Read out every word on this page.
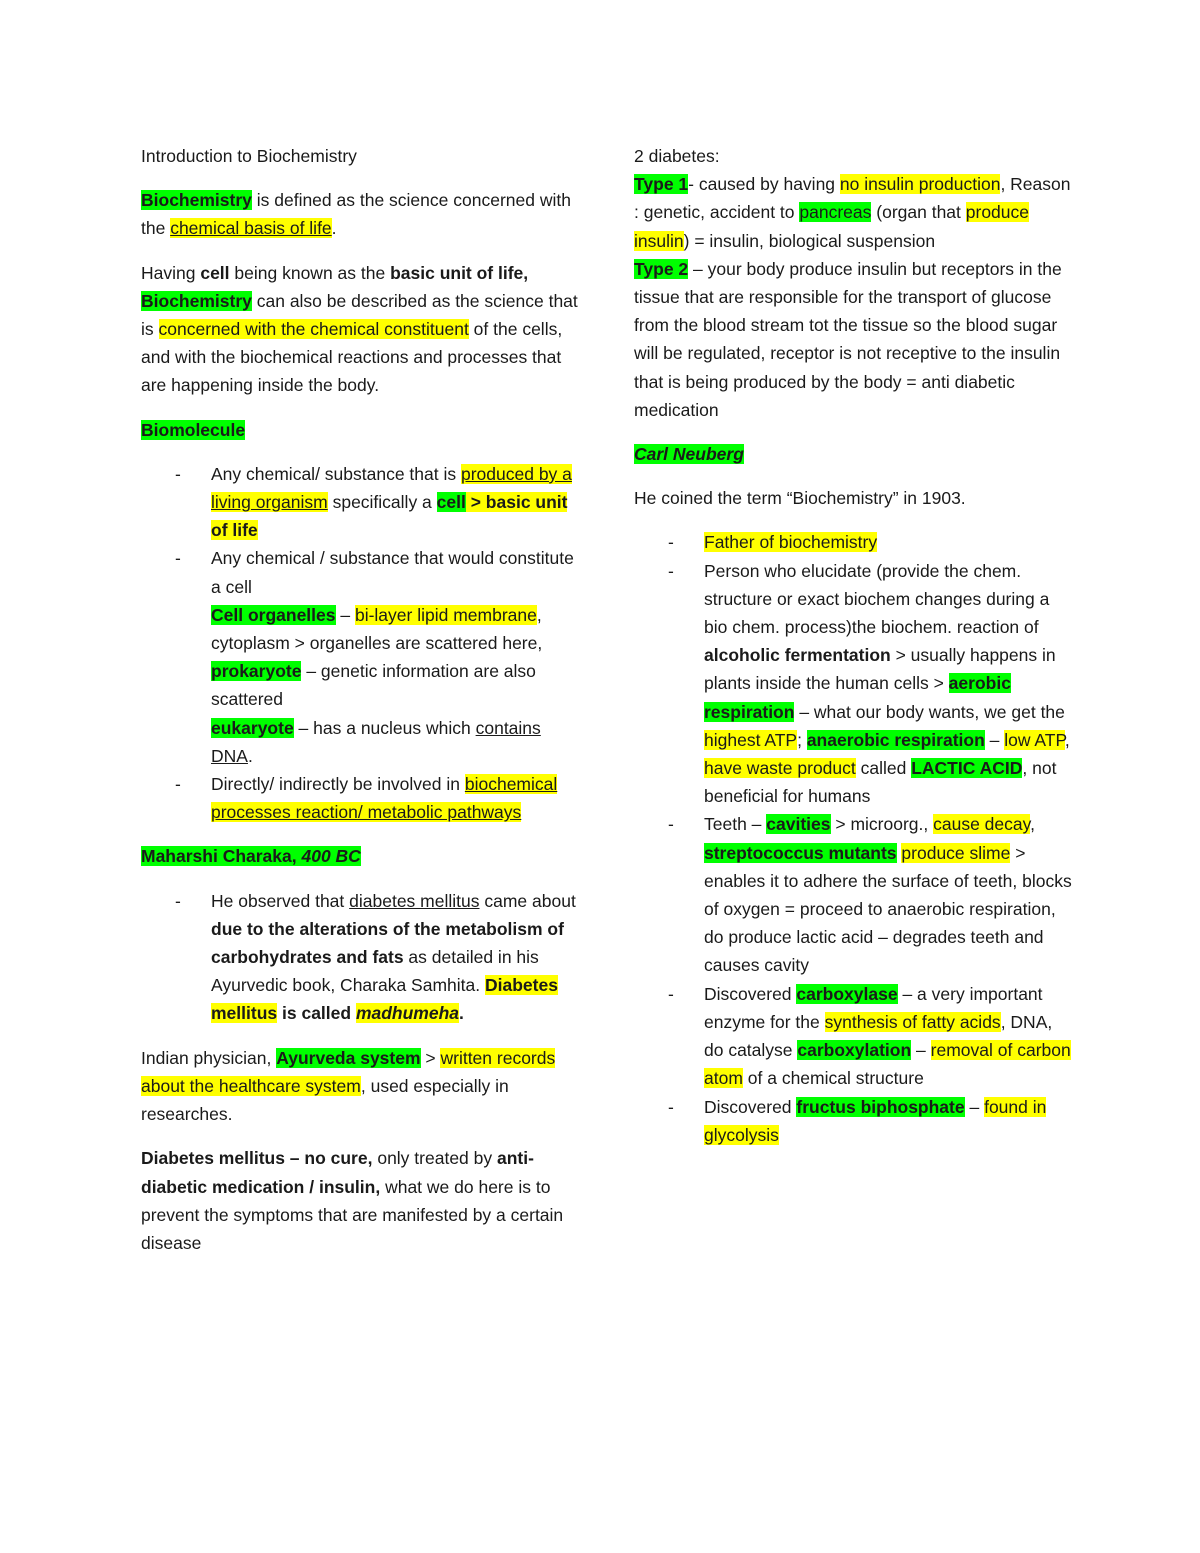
Introduction to Biochemistry

Biochemistry is defined as the science concerned with the chemical basis of life.

Having cell being known as the basic unit of life, Biochemistry can also be described as the science that is concerned with the chemical constituent of the cells, and with the biochemical reactions and processes that are happening inside the body.

Biomolecule

- Any chemical/ substance that is produced by a living organism specifically a cell > basic unit of life
- Any chemical / substance that would constitute a cell
Cell organelles – bi-layer lipid membrane, cytoplasm > organelles are scattered here, prokaryote – genetic information are also scattered
eukaryote – has a nucleus which contains DNA.
- Directly/ indirectly be involved in biochemical processes reaction/ metabolic pathways

Maharshi Charaka, 400 BC

- He observed that diabetes mellitus came about due to the alterations of the metabolism of carbohydrates and fats as detailed in his Ayurvedic book, Charaka Samhita. Diabetes mellitus is called madhumeha.

Indian physician, Ayurveda system > written records about the healthcare system, used especially in researches.

Diabetes mellitus – no cure, only treated by anti-diabetic medication / insulin, what we do here is to prevent the symptoms that are manifested by a certain disease

2 diabetes:

Type 1- caused by having no insulin production, Reason : genetic, accident to pancreas (organ that produce insulin) = insulin, biological suspension

Type 2 – your body produce insulin but receptors in the tissue that are responsible for the transport of glucose from the blood stream tot the tissue so the blood sugar will be regulated, receptor is not receptive to the insulin that is being produced by the body = anti diabetic medication

Carl Neuberg

He coined the term “Biochemistry” in 1903.

- Father of biochemistry
- Person who elucidate (provide the chem. structure or exact biochem changes during a bio chem. process)the biochem. reaction of alcoholic fermentation > usually happens in plants inside the human cells > aerobic respiration – what our body wants, we get the highest ATP; anaerobic respiration – low ATP, have waste product called LACTIC ACID, not beneficial for humans
- Teeth – cavities > microorg., cause decay, streptococcus mutants produce slime > enables it to adhere the surface of teeth, blocks of oxygen = proceed to anaerobic respiration, do produce lactic acid – degrades teeth and causes cavity
- Discovered carboxylase – a very important enzyme for the synthesis of fatty acids, DNA, do catalyse carboxylation – removal of carbon atom of a chemical structure
- Discovered fructus biphosphate – found in glycolysis
